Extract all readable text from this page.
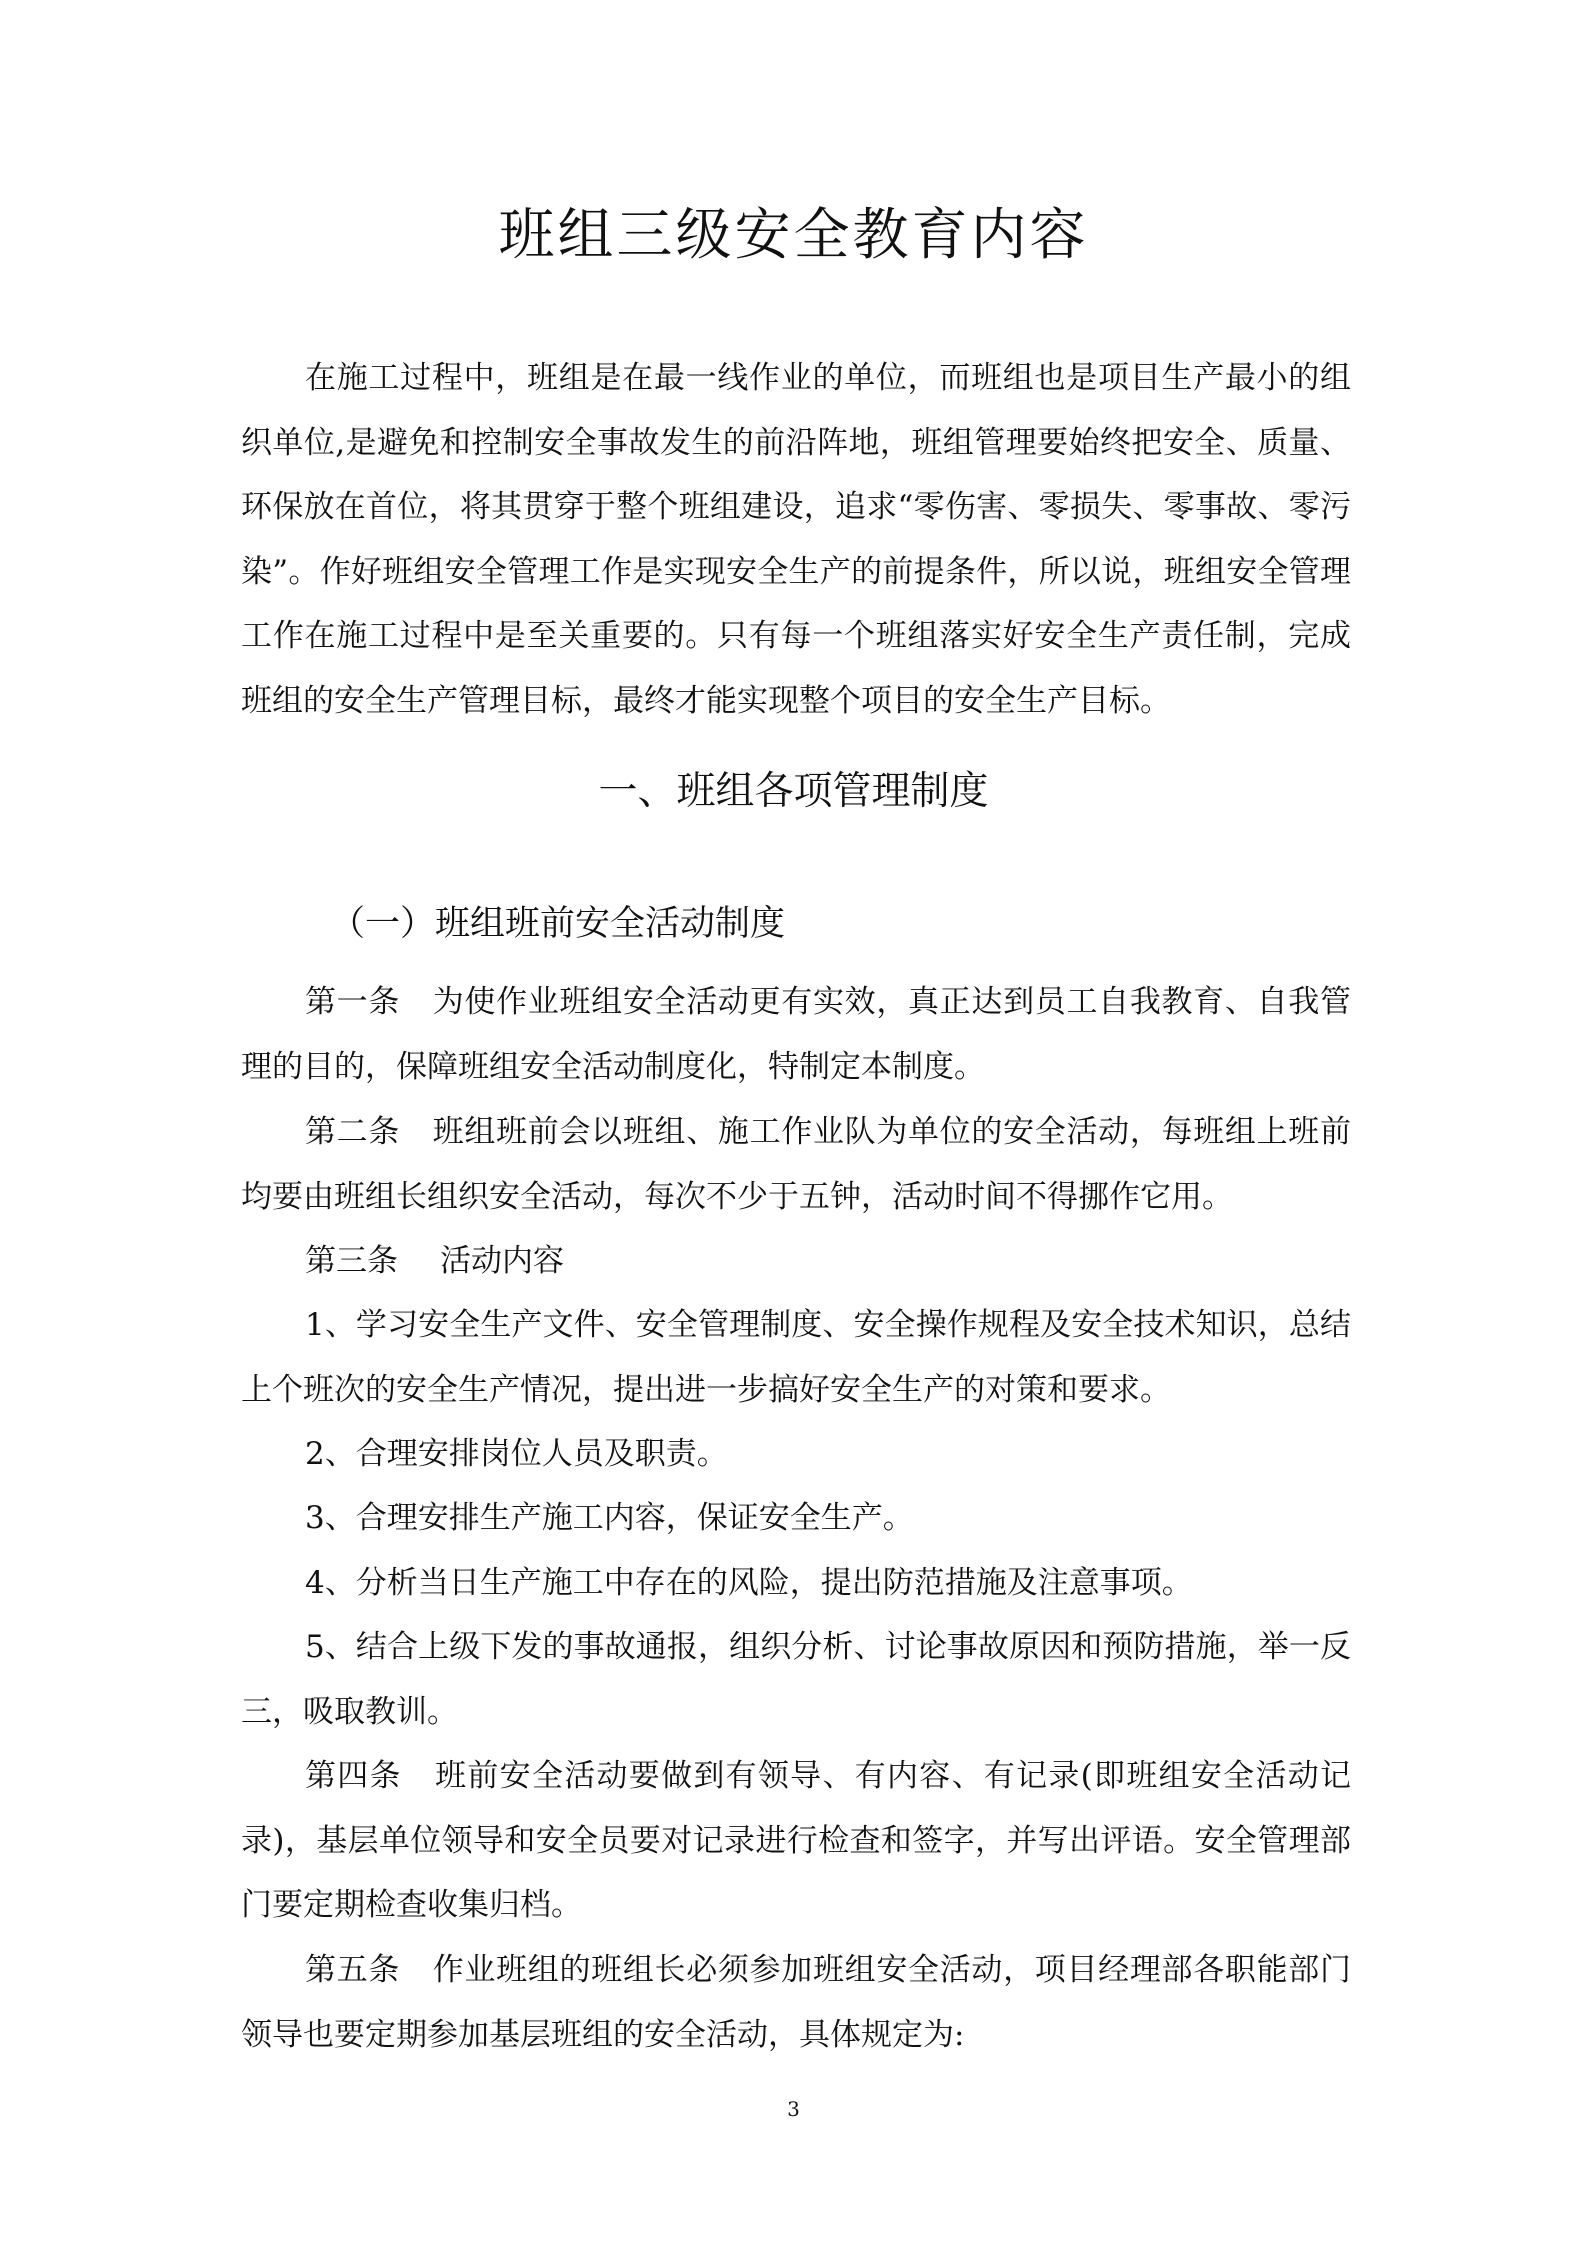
班组三级安全教育内容

在施工过程中，班组是在最一线作业的单位，而班组也是项目生产最小的组织单位,是避免和控制安全事故发生的前沿阵地，班组管理要始终把安全、质量、环保放在首位，将其贯穿于整个班组建设，追求“零伤害、零损失、零事故、零污染”。作好班组安全管理工作是实现安全生产的前提条件，所以说，班组安全管理工作在施工过程中是至关重要的。只有每一个班组落实好安全生产责任制，完成班组的安全生产管理目标，最终才能实现整个项目的安全生产目标。

一、班组各项管理制度
（一）班组班前安全活动制度

第一条 为使作业班组安全活动更有实效，真正达到员工自我教育、自我管理的目的，保障班组安全活动制度化，特制定本制度。

第二条 班组班前会以班组、施工作业队为单位的安全活动，每班组上班前均要由班组长组织安全活动，每次不少于五钟，活动时间不得挪作它用。

第三条 活动内容

1、学习安全生产文件、安全管理制度、安全操作规程及安全技术知识，总结上个班次的安全生产情况，提出进一步搞好安全生产的对策和要求。

2、合理安排岗位人员及职责。

3、合理安排生产施工内容，保证安全生产。

4、分析当日生产施工中存在的风险，提出防范措施及注意事项。

5、结合上级下发的事故通报，组织分析、讨论事故原因和预防措施，举一反三，吸取教训。

第四条 班前安全活动要做到有领导、有内容、有记录(即班组安全活动记录)，基层单位领导和安全员要对记录进行检查和签字，并写出评语。安全管理部门要定期检查收集归档。

第五条 作业班组的班组长必须参加班组安全活动，项目经理部各职能部门领导也要定期参加基层班组的安全活动，具体规定为:

3
